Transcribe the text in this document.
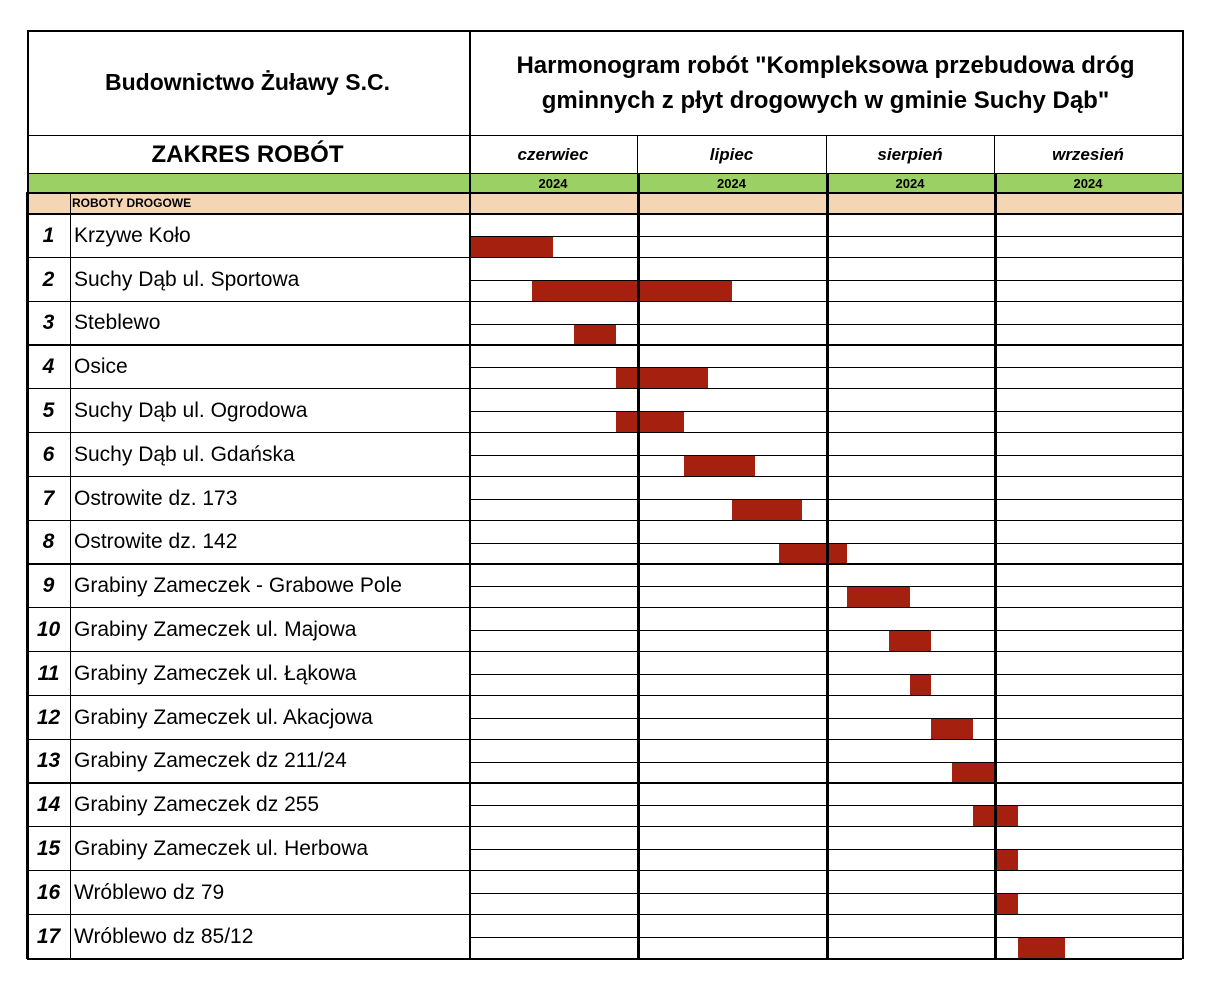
Budownictwo Żuławy S.C.
Harmonogram robót "Kompleksowa przebudowa dróg gminnych z płyt drogowych w gminie Suchy Dąb"
ZAKRES ROBÓT	czerwiec	lipiec	sierpień	wrzesień
2024	2024	2024	2024
ROBOTY DROGOWE
1 Krzywe Koło
2 Suchy Dąb ul. Sportowa
3 Steblewo
4 Osice
5 Suchy Dąb ul. Ogrodowa
6 Suchy Dąb ul. Gdańska
7 Ostrowite dz. 173
8 Ostrowite dz. 142
9 Grabiny Zameczek - Grabowe Pole
10 Grabiny Zameczek ul. Majowa
11 Grabiny Zameczek ul. Łąkowa
12 Grabiny Zameczek ul. Akacjowa
13 Grabiny Zameczek dz 211/24
14 Grabiny Zameczek dz 255
15 Grabiny Zameczek ul. Herbowa
16 Wróblewo dz 79
17 Wróblewo dz 85/12
